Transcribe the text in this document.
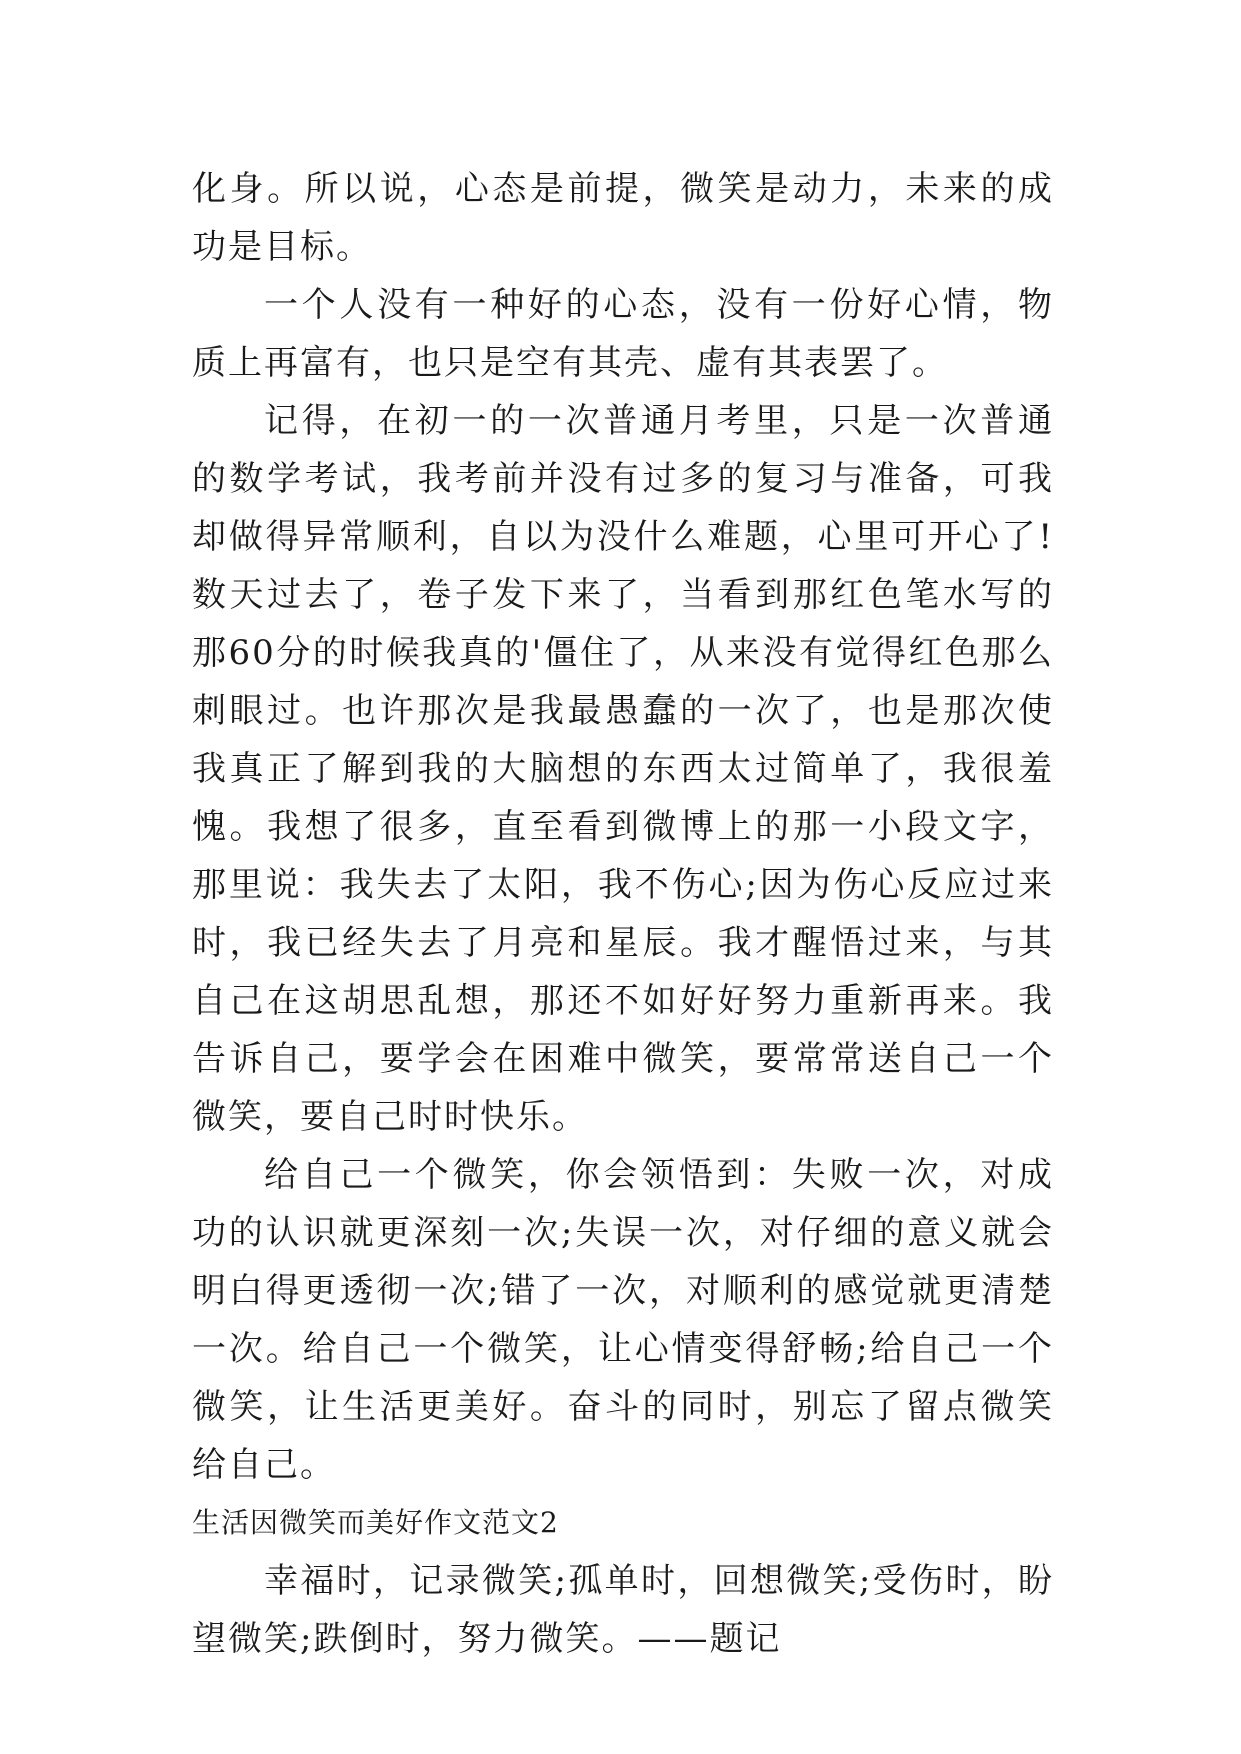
化身。所以说，心态是前提，微笑是动力，未来的成功是目标。

一个人没有一种好的心态，没有一份好心情，物质上再富有，也只是空有其壳、虚有其表罢了。

记得，在初一的一次普通月考里，只是一次普通的数学考试，我考前并没有过多的复习与准备，可我却做得异常顺利，自以为没什么难题，心里可开心了!数天过去了，卷子发下来了，当看到那红色笔水写的那60分的时候我真的'僵住了，从来没有觉得红色那么刺眼过。也许那次是我最愚蠢的一次了，也是那次使我真正了解到我的大脑想的东西太过简单了，我很羞愧。我想了很多，直至看到微博上的那一小段文字，那里说：我失去了太阳，我不伤心;因为伤心反应过来时，我已经失去了月亮和星辰。我才醒悟过来，与其自己在这胡思乱想，那还不如好好努力重新再来。我告诉自己，要学会在困难中微笑，要常常送自己一个微笑，要自己时时快乐。

给自己一个微笑，你会领悟到：失败一次，对成功的认识就更深刻一次;失误一次，对仔细的意义就会明白得更透彻一次;错了一次，对顺利的感觉就更清楚一次。给自己一个微笑，让心情变得舒畅;给自己一个微笑，让生活更美好。奋斗的同时，别忘了留点微笑给自己。

生活因微笑而美好作文范文2

幸福时，记录微笑;孤单时，回想微笑;受伤时，盼望微笑;跌倒时，努力微笑。——题记
